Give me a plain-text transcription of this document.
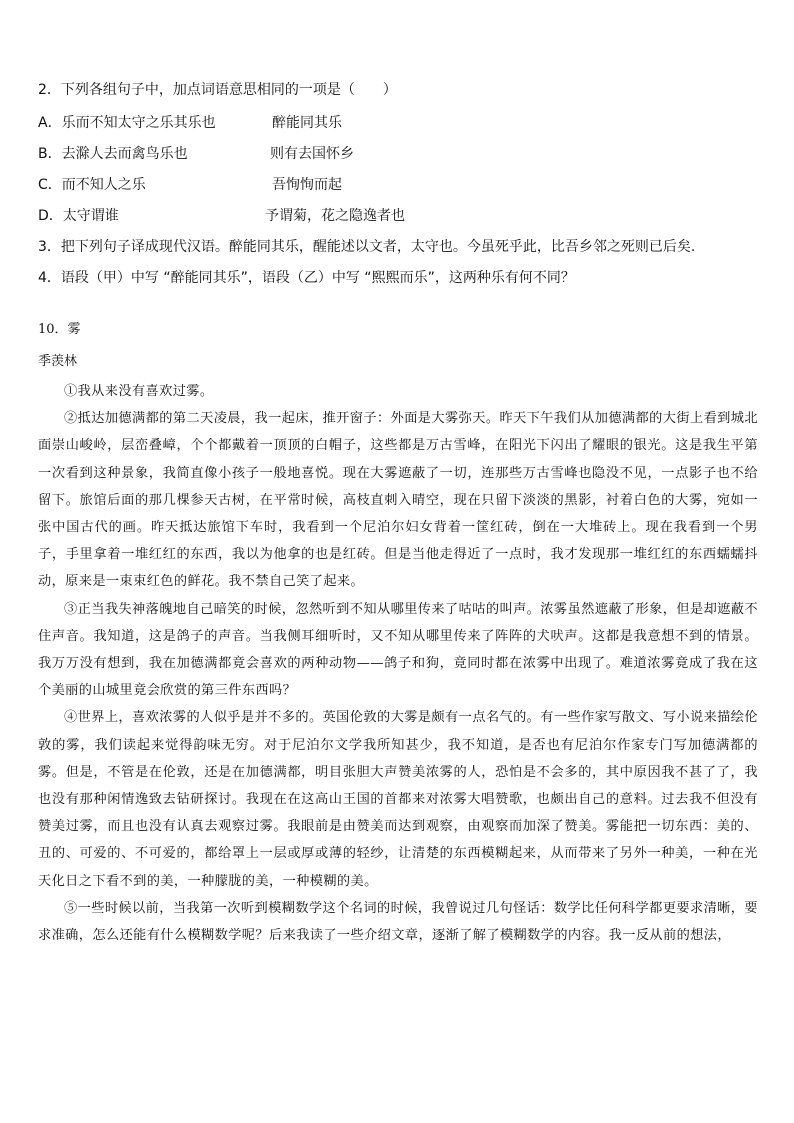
2．下列各组句子中，加点词语意思相同的一项是（　　）
A．乐而不知太守之乐其乐也	醉能同其乐
B．去滁人去而禽鸟乐也	则有去国怀乡
C．而不知人之乐	吾恂恂而起
D．太守谓谁	予谓菊，花之隐逸者也
3．把下列句子译成现代汉语。醉能同其乐，醒能述以文者，太守也。今虽死乎此，比吾乡邻之死则已后矣.
4．语段（甲）中写 “醉能同其乐”，语段（乙）中写 “熙熙而乐”，这两种乐有何不同？
10．雾
季羡林

①我从来没有喜欢过雾。

②抵达加德满都的第二天凌晨，我一起床，推开窗子：外面是大雾弥天。昨天下午我们从加德满都的大街上看到城北面崇山峻岭，层峦叠嶂，个个都戴着一顶顶的白帽子，这些都是万古雪峰，在阳光下闪出了耀眼的银光。这是我生平第一次看到这种景象，我简直像小孩子一般地喜悦。现在大雾遮蔽了一切，连那些万古雪峰也隐没不见，一点影子也不给留下。旅馆后面的那几棵参天古树，在平常时候，高枝直刺入晴空，现在只留下淡淡的黑影，衬着白色的大雾，宛如一张中国古代的画。昨天抵达旅馆下车时，我看到一个尼泊尔妇女背着一筐红砖，倒在一大堆砖上。现在我看到一个男子，手里拿着一堆红红的东西，我以为他拿的也是红砖。但是当他走得近了一点时，我才发现那一堆红红的东西蠕蠕抖动，原来是一束束红色的鲜花。我不禁自己笑了起来。

③正当我失神落魄地自己暗笑的时候，忽然听到不知从哪里传来了咕咕的叫声。浓雾虽然遮蔽了形象，但是却遮蔽不住声音。我知道，这是鸽子的声音。当我侧耳细听时，又不知从哪里传来了阵阵的犬吠声。这都是我意想不到的情景。我万万没有想到，我在加德满都竟会喜欢的两种动物——鸽子和狗，竟同时都在浓雾中出现了。难道浓雾竟成了我在这个美丽的山城里竟会欣赏的第三件东西吗？

④世界上，喜欢浓雾的人似乎是并不多的。英国伦敦的大雾是颇有一点名气的。有一些作家写散文、写小说来描绘伦敦的雾，我们读起来觉得韵味无穷。对于尼泊尔文学我所知甚少，我不知道，是否也有尼泊尔作家专门写加德满都的雾。但是，不管是在伦敦，还是在加德满都，明目张胆大声赞美浓雾的人，恐怕是不会多的，其中原因我不甚了了，我也没有那种闲情逸致去钻研探讨。我现在在这高山王国的首都来对浓雾大唱赞歌，也颇出自己的意料。过去我不但没有赞美过雾，而且也没有认真去观察过雾。我眼前是由赞美而达到观察，由观察而加深了赞美。雾能把一切东西：美的、丑的、可爱的、不可爱的，都给罩上一层或厚或薄的轻纱，让清楚的东西模糊起来，从而带来了另外一种美，一种在光天化日之下看不到的美，一种朦胧的美，一种模糊的美。

⑤一些时候以前，当我第一次听到模糊数学这个名词的时候，我曾说过几句怪话：数学比任何科学都更要求清晰，要求准确，怎么还能有什么模糊数学呢？后来我读了一些介绍文章，逐渐了解了模糊数学的内容。我一反从前的想法，
